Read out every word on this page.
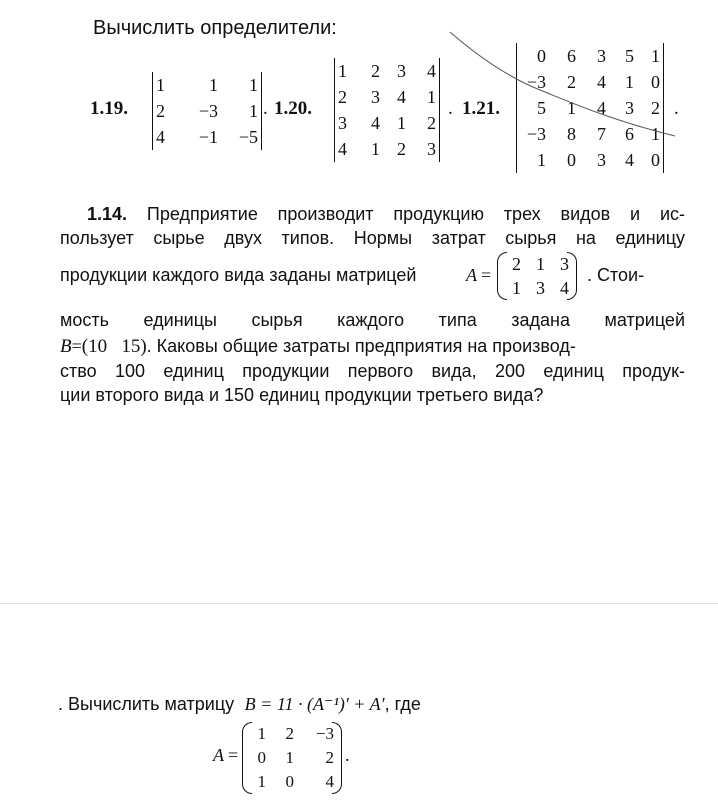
Вычислить определители:
1.19.
1	1	1
2	−3	1
4	−1	−5
. 1.20.
1	2	3	4
2	3	4	1
3	4	1	2
4	1	2	3
. 1.21.
0	6	3	5	1
−3	2	4	1	0
5	1	4	3	2
−3	8	7	6	1
1	0	3	4	0
.
1.14. Предприятие производит продукцию трех видов и ис-
пользует сырье двух типов. Нормы затрат сырья на единицу
продукции каждого вида заданы матрицей	A =
2	1	3
1	3	4
. Стои-
мость единицы сырья каждого типа задана матрицей
B=(10   15). Каковы общие затраты предприятия на производ-
ство 100 единиц продукции первого вида, 200 единиц продук-
ции второго вида и 150 единиц продукции третьего вида?
. Вычислить матрицу B = 11 · (A⁻¹)′ + A′, где
A =
1	2	−3
0	1	2
1	0	4
.
